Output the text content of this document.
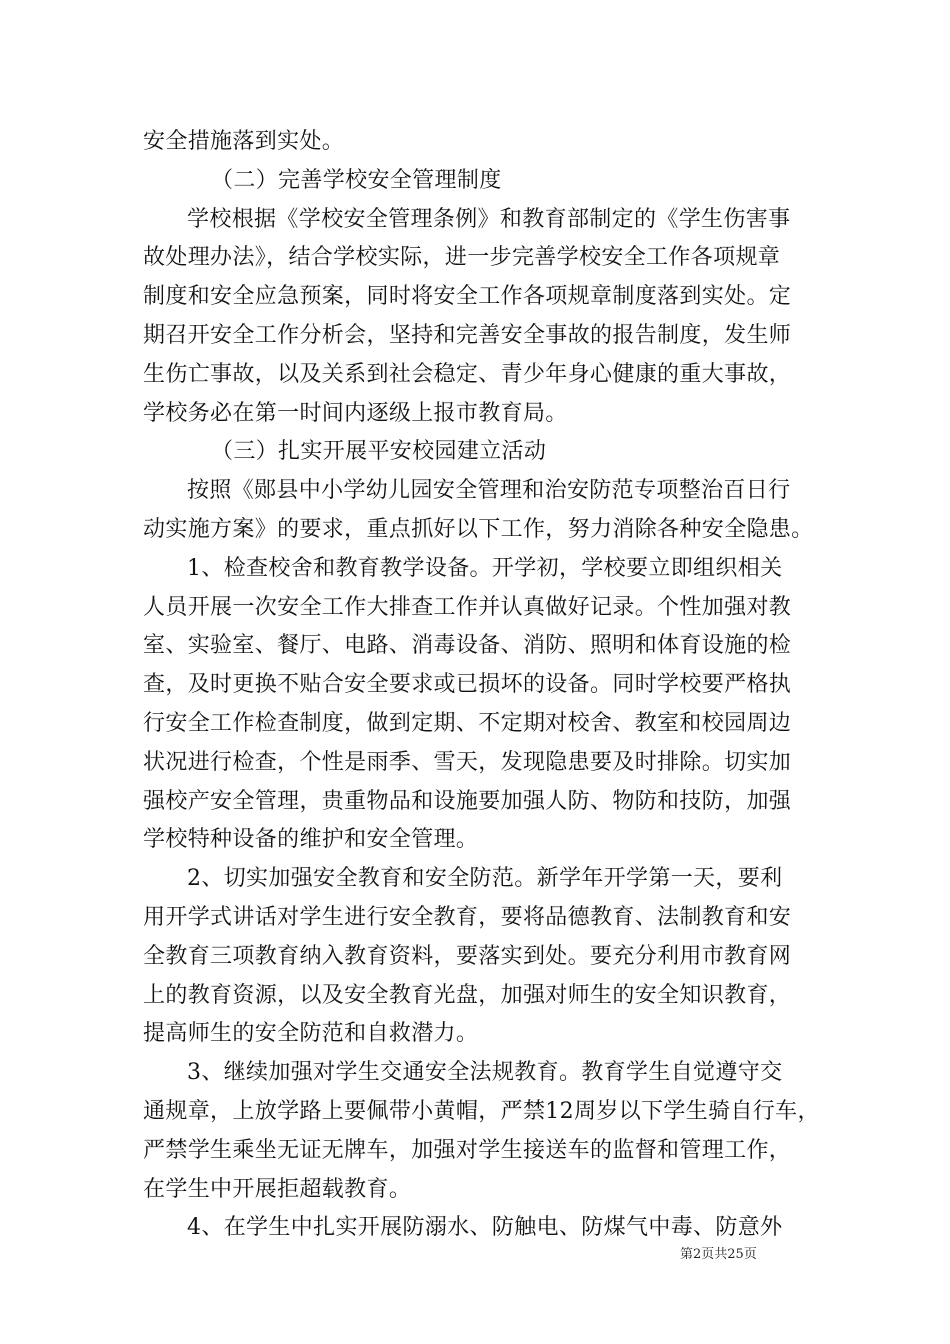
安全措施落到实处。
（二）完善学校安全管理制度
学校根据《学校安全管理条例》和教育部制定的《学生伤害事
故处理办法》，结合学校实际，进一步完善学校安全工作各项规章
制度和安全应急预案，同时将安全工作各项规章制度落到实处。定
期召开安全工作分析会，坚持和完善安全事故的报告制度，发生师
生伤亡事故，以及关系到社会稳定、青少年身心健康的重大事故，
学校务必在第一时间内逐级上报市教育局。
（三）扎实开展平安校园建立活动
按照《郧县中小学幼儿园安全管理和治安防范专项整治百日行
动实施方案》的要求，重点抓好以下工作，努力消除各种安全隐患。
1、检查校舍和教育教学设备。开学初，学校要立即组织相关
人员开展一次安全工作大排查工作并认真做好记录。个性加强对教
室、实验室、餐厅、电路、消毒设备、消防、照明和体育设施的检
查，及时更换不贴合安全要求或已损坏的设备。同时学校要严格执
行安全工作检查制度，做到定期、不定期对校舍、教室和校园周边
状况进行检查，个性是雨季、雪天，发现隐患要及时排除。切实加
强校产安全管理，贵重物品和设施要加强人防、物防和技防，加强
学校特种设备的维护和安全管理。
2、切实加强安全教育和安全防范。新学年开学第一天，要利
用开学式讲话对学生进行安全教育，要将品德教育、法制教育和安
全教育三项教育纳入教育资料，要落实到处。要充分利用市教育网
上的教育资源，以及安全教育光盘，加强对师生的安全知识教育，
提高师生的安全防范和自救潜力。
3、继续加强对学生交通安全法规教育。教育学生自觉遵守交
通规章，上放学路上要佩带小黄帽，严禁12周岁以下学生骑自行车，
严禁学生乘坐无证无牌车，加强对学生接送车的监督和管理工作，
在学生中开展拒超载教育。
4、在学生中扎实开展防溺水、防触电、防煤气中毒、防意外
第2页共25页
